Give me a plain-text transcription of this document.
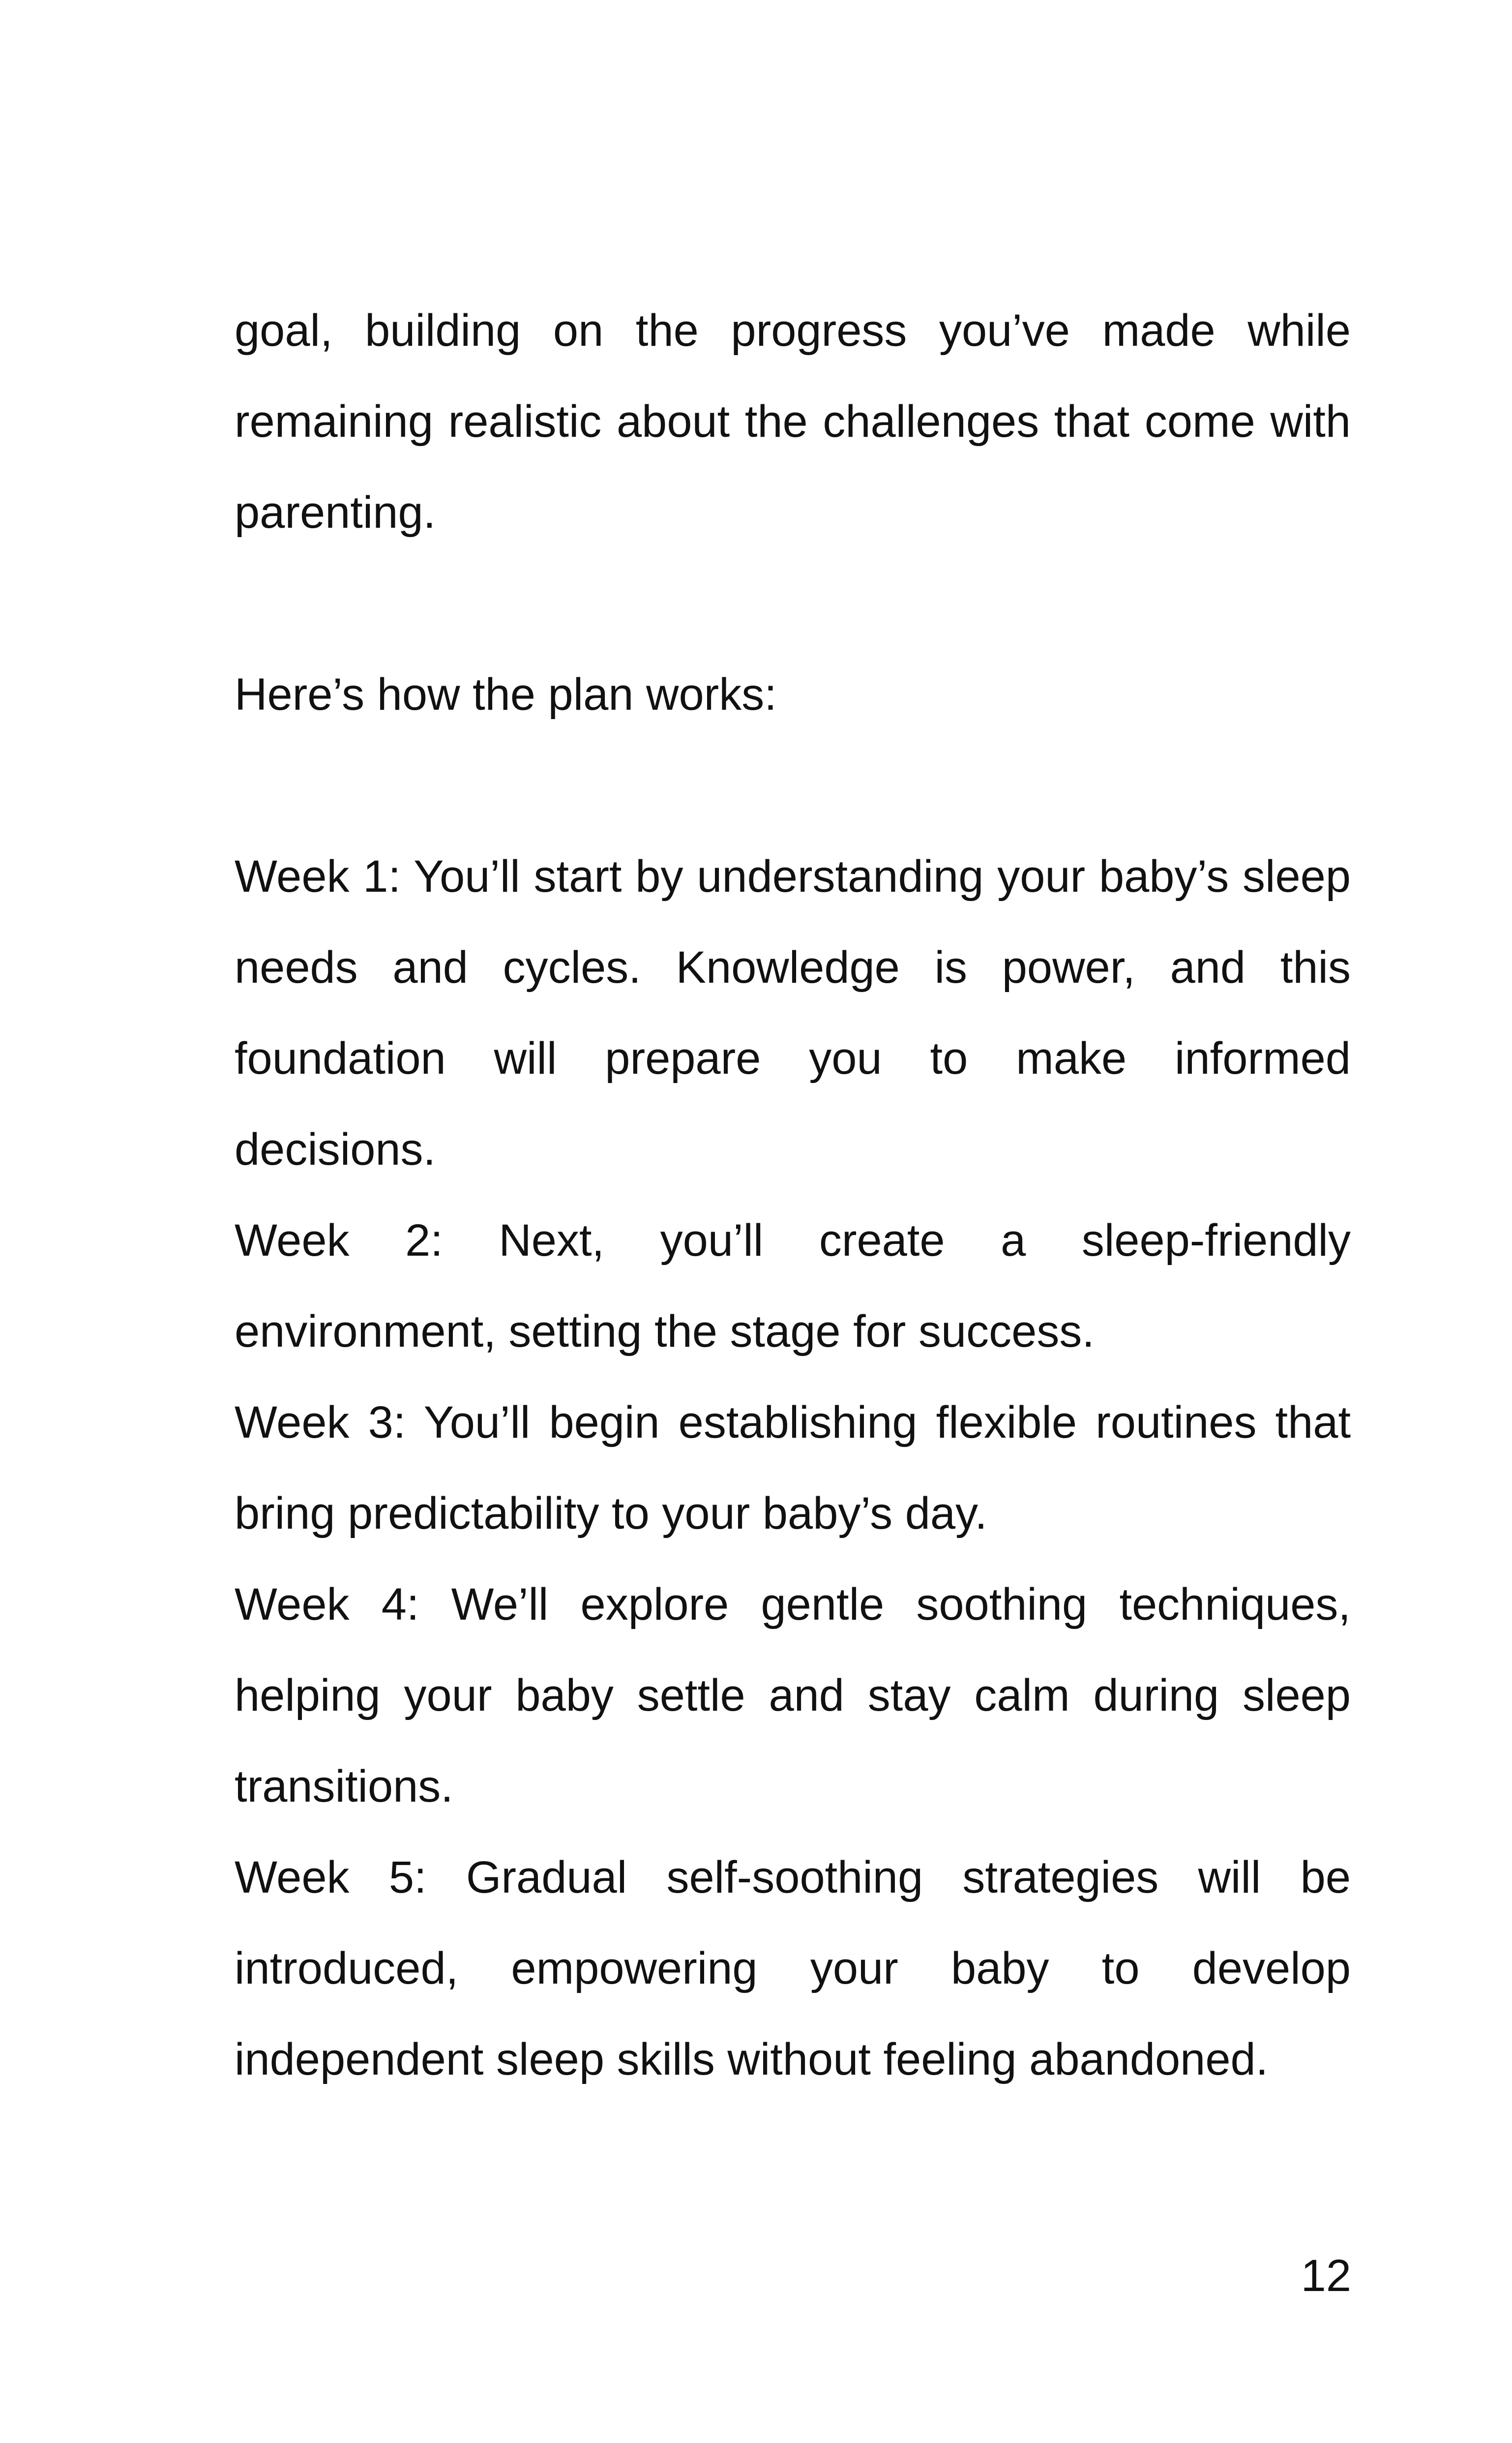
goal, building on the progress you’ve made while remaining realistic about the challenges that come with parenting.

Here’s how the plan works:

Week 1: You’ll start by understanding your baby’s sleep needs and cycles. Knowledge is power, and this foundation will prepare you to make informed decisions.

Week 2: Next, you’ll create a sleep-friendly environment, setting the stage for success.

Week 3: You’ll begin establishing flexible routines that bring predictability to your baby’s day.

Week 4: We’ll explore gentle soothing techniques, helping your baby settle and stay calm during sleep transitions.

Week 5: Gradual self-soothing strategies will be introduced, empowering your baby to develop independent sleep skills without feeling abandoned.

12
